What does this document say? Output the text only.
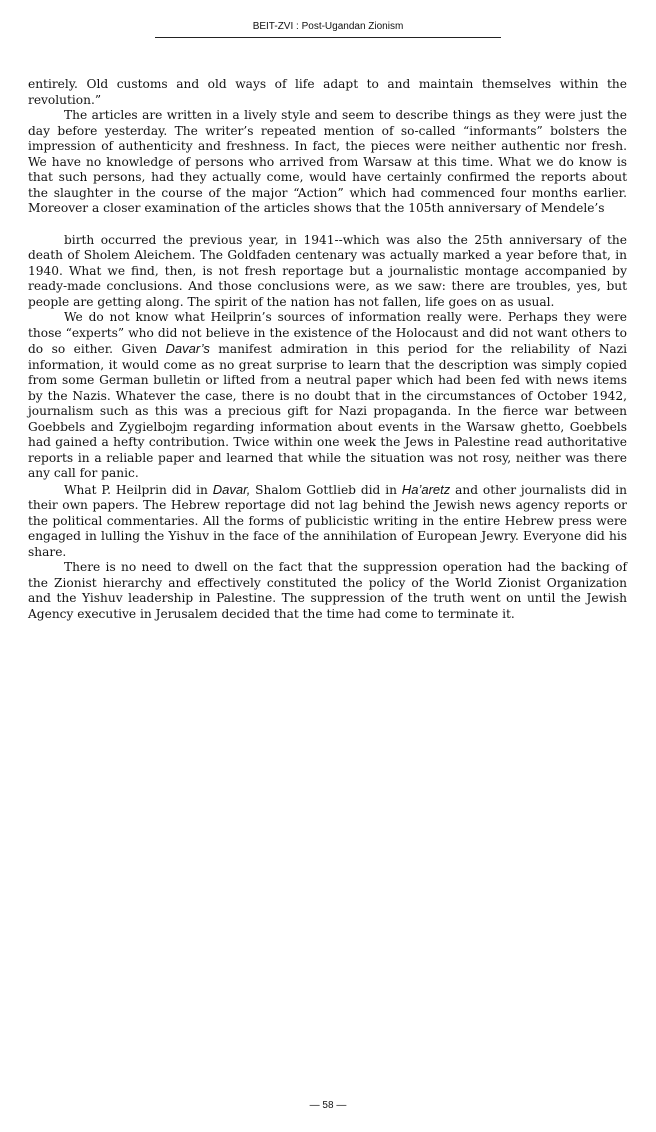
BEIT-ZVI : Post-Ugandan Zionism

entirely. Old customs and old ways of life adapt to and maintain themselves within the revolution.”

The articles are written in a lively style and seem to describe things as they were just the day before yesterday. The writer’s repeated mention of so-called “informants” bolsters the impression of authenticity and freshness. In fact, the pieces were neither authentic nor fresh. We have no knowledge of persons who arrived from Warsaw at this time. What we do know is that such persons, had they actually come, would have certainly confirmed the reports about the slaughter in the course of the major “Action” which had commenced four months earlier. Moreover a closer examination of the articles shows that the 105th anniversary of Mendele’s

birth occurred the previous year, in 1941--which was also the 25th anniversary of the death of Sholem Aleichem. The Goldfaden centenary was actually marked a year before that, in 1940. What we find, then, is not fresh reportage but a journalistic montage accompanied by ready-made conclusions. And those conclusions were, as we saw: there are troubles, yes, but people are getting along. The spirit of the nation has not fallen, life goes on as usual.

We do not know what Heilprin’s sources of information really were. Perhaps they were those “experts” who did not believe in the existence of the Holocaust and did not want others to do so either. Given Davar’s manifest admiration in this period for the reliability of Nazi information, it would come as no great surprise to learn that the description was simply copied from some German bulletin or lifted from a neutral paper which had been fed with news items by the Nazis. Whatever the case, there is no doubt that in the circumstances of October 1942, journalism such as this was a precious gift for Nazi propaganda. In the fierce war between Goebbels and Zygielbojm regarding information about events in the Warsaw ghetto, Goebbels had gained a hefty contribution. Twice within one week the Jews in Palestine read authoritative reports in a reliable paper and learned that while the situation was not rosy, neither was there any call for panic.

What P. Heilprin did in Davar, Shalom Gottlieb did in Ha’aretz and other journalists did in their own papers. The Hebrew reportage did not lag behind the Jewish news agency reports or the political commentaries. All the forms of publicistic writing in the entire Hebrew press were engaged in lulling the Yishuv in the face of the annihilation of European Jewry. Everyone did his share.

There is no need to dwell on the fact that the suppression operation had the backing of the Zionist hierarchy and effectively constituted the policy of the World Zionist Organization and the Yishuv leadership in Palestine. The suppression of the truth went on until the Jewish Agency executive in Jerusalem decided that the time had come to terminate it.

— 58 —
